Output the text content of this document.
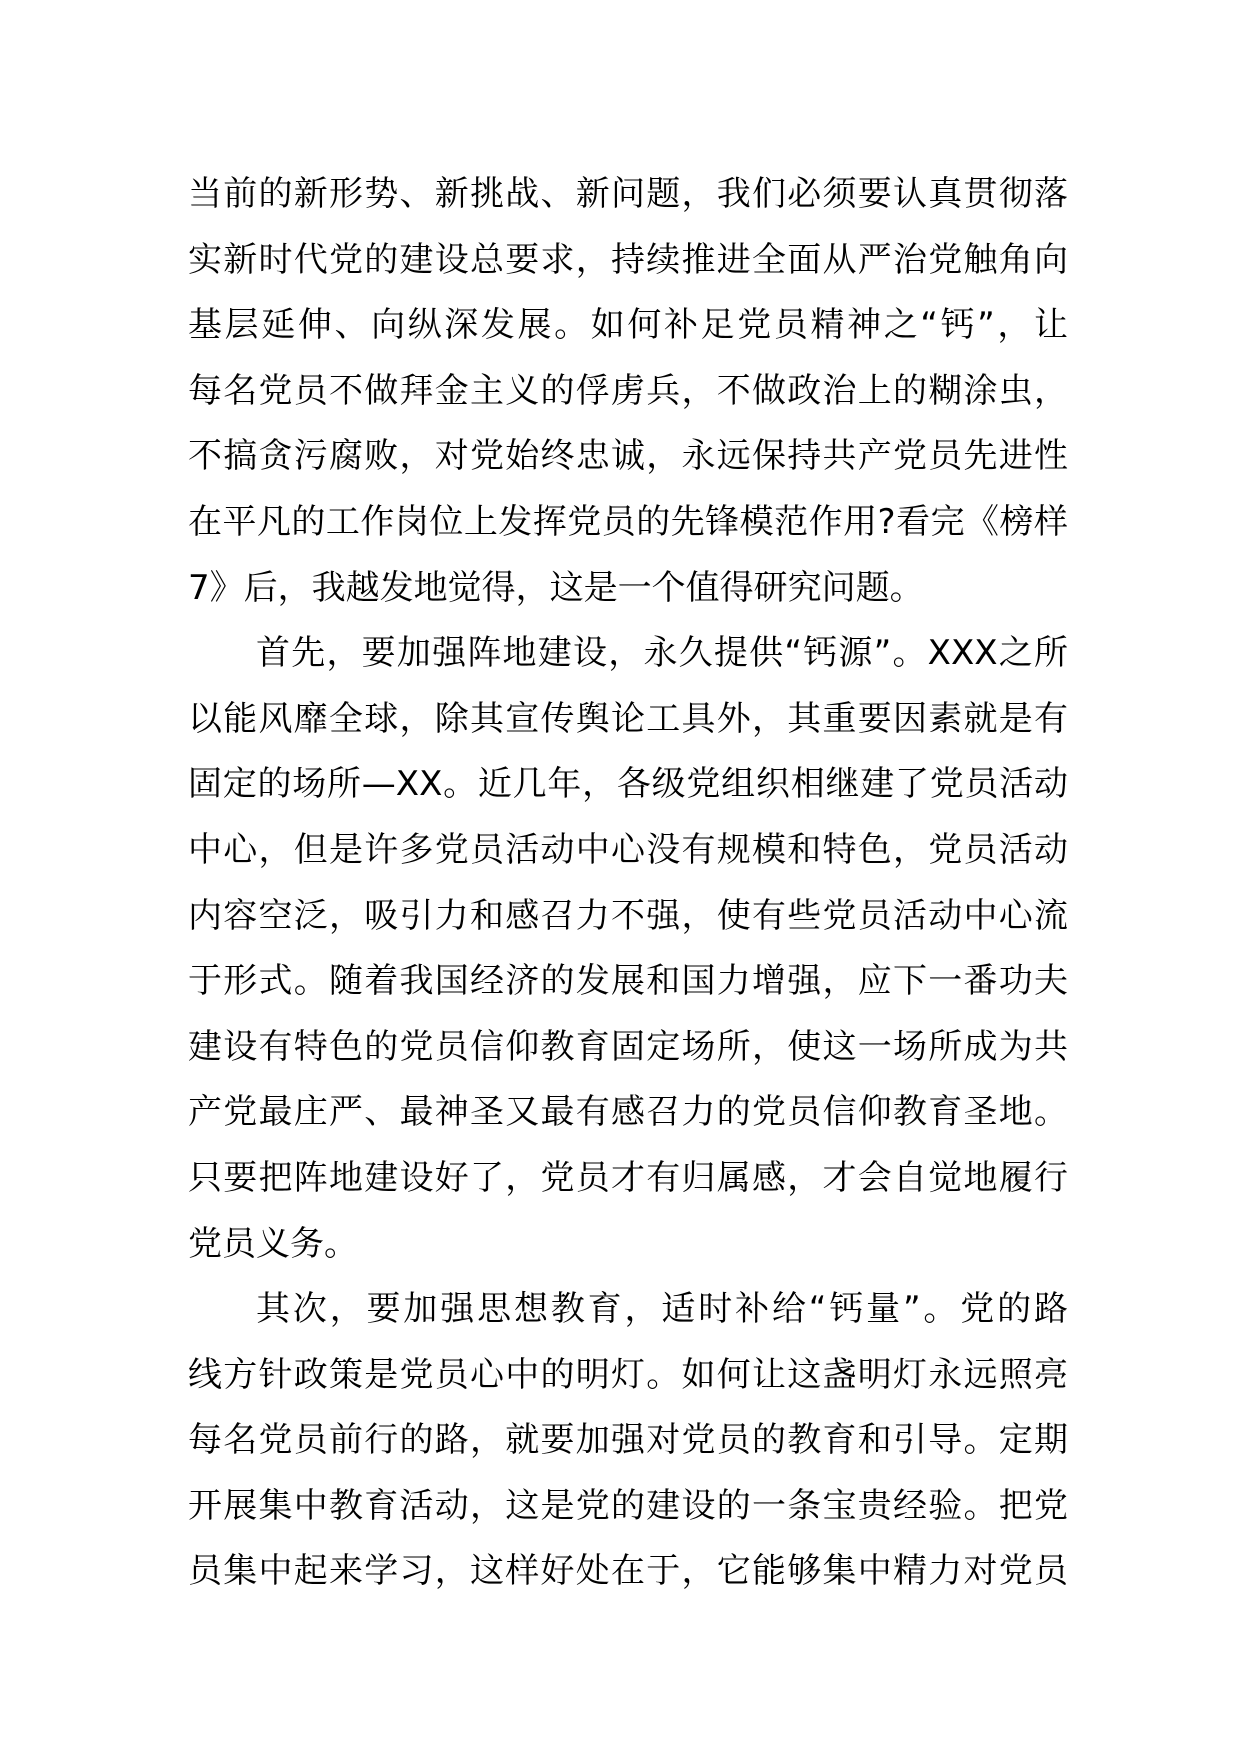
当前的新形势、新挑战、新问题，我们必须要认真贯彻落
实新时代党的建设总要求，持续推进全面从严治党触角向
基层延伸、向纵深发展。如何补足党员精神之“钙”，让
每名党员不做拜金主义的俘虏兵，不做政治上的糊涂虫，
不搞贪污腐败，对党始终忠诚，永远保持共产党员先进性
在平凡的工作岗位上发挥党员的先锋模范作用?看完《榜样
7》后，我越发地觉得，这是一个值得研究问题。
首先，要加强阵地建设，永久提供“钙源”。XXX之所
以能风靡全球，除其宣传舆论工具外，其重要因素就是有
固定的场所—XX。近几年，各级党组织相继建了党员活动
中心，但是许多党员活动中心没有规模和特色，党员活动
内容空泛，吸引力和感召力不强，使有些党员活动中心流
于形式。随着我国经济的发展和国力增强，应下一番功夫
建设有特色的党员信仰教育固定场所，使这一场所成为共
产党最庄严、最神圣又最有感召力的党员信仰教育圣地。
只要把阵地建设好了，党员才有归属感，才会自觉地履行
党员义务。
其次，要加强思想教育，适时补给“钙量”。党的路
线方针政策是党员心中的明灯。如何让这盏明灯永远照亮
每名党员前行的路，就要加强对党员的教育和引导。定期
开展集中教育活动，这是党的建设的一条宝贵经验。把党
员集中起来学习，这样好处在于，它能够集中精力对党员
